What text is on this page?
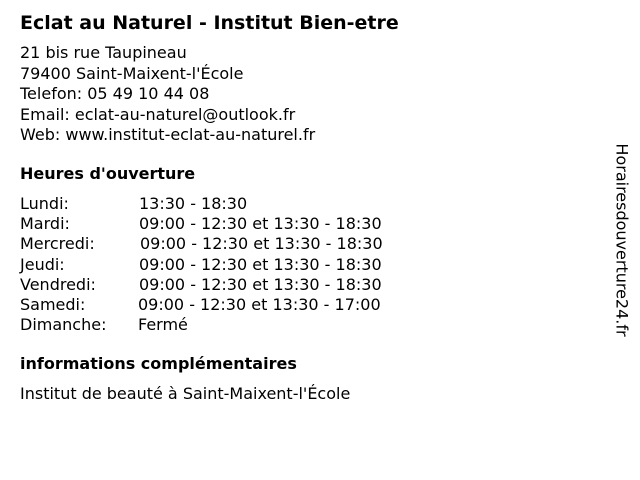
Eclat au Naturel - Institut Bien-etre
21 bis rue Taupineau
79400 Saint-Maixent-l'École
Telefon: 05 49 10 44 08
Email: eclat-au-naturel@outlook.fr
Web: www.institut-eclat-au-naturel.fr
Heures d'ouverture
Lundi:	13:30 - 18:30
Mardi:	09:00 - 12:30 et 13:30 - 18:30
Mercredi:	09:00 - 12:30 et 13:30 - 18:30
Jeudi:	09:00 - 12:30 et 13:30 - 18:30
Vendredi:	09:00 - 12:30 et 13:30 - 18:30
Samedi:	09:00 - 12:30 et 13:30 - 17:00
Dimanche: Fermé
informations complémentaires
Institut de beauté à Saint-Maixent-l'École
Horairesdouverture24.fr
